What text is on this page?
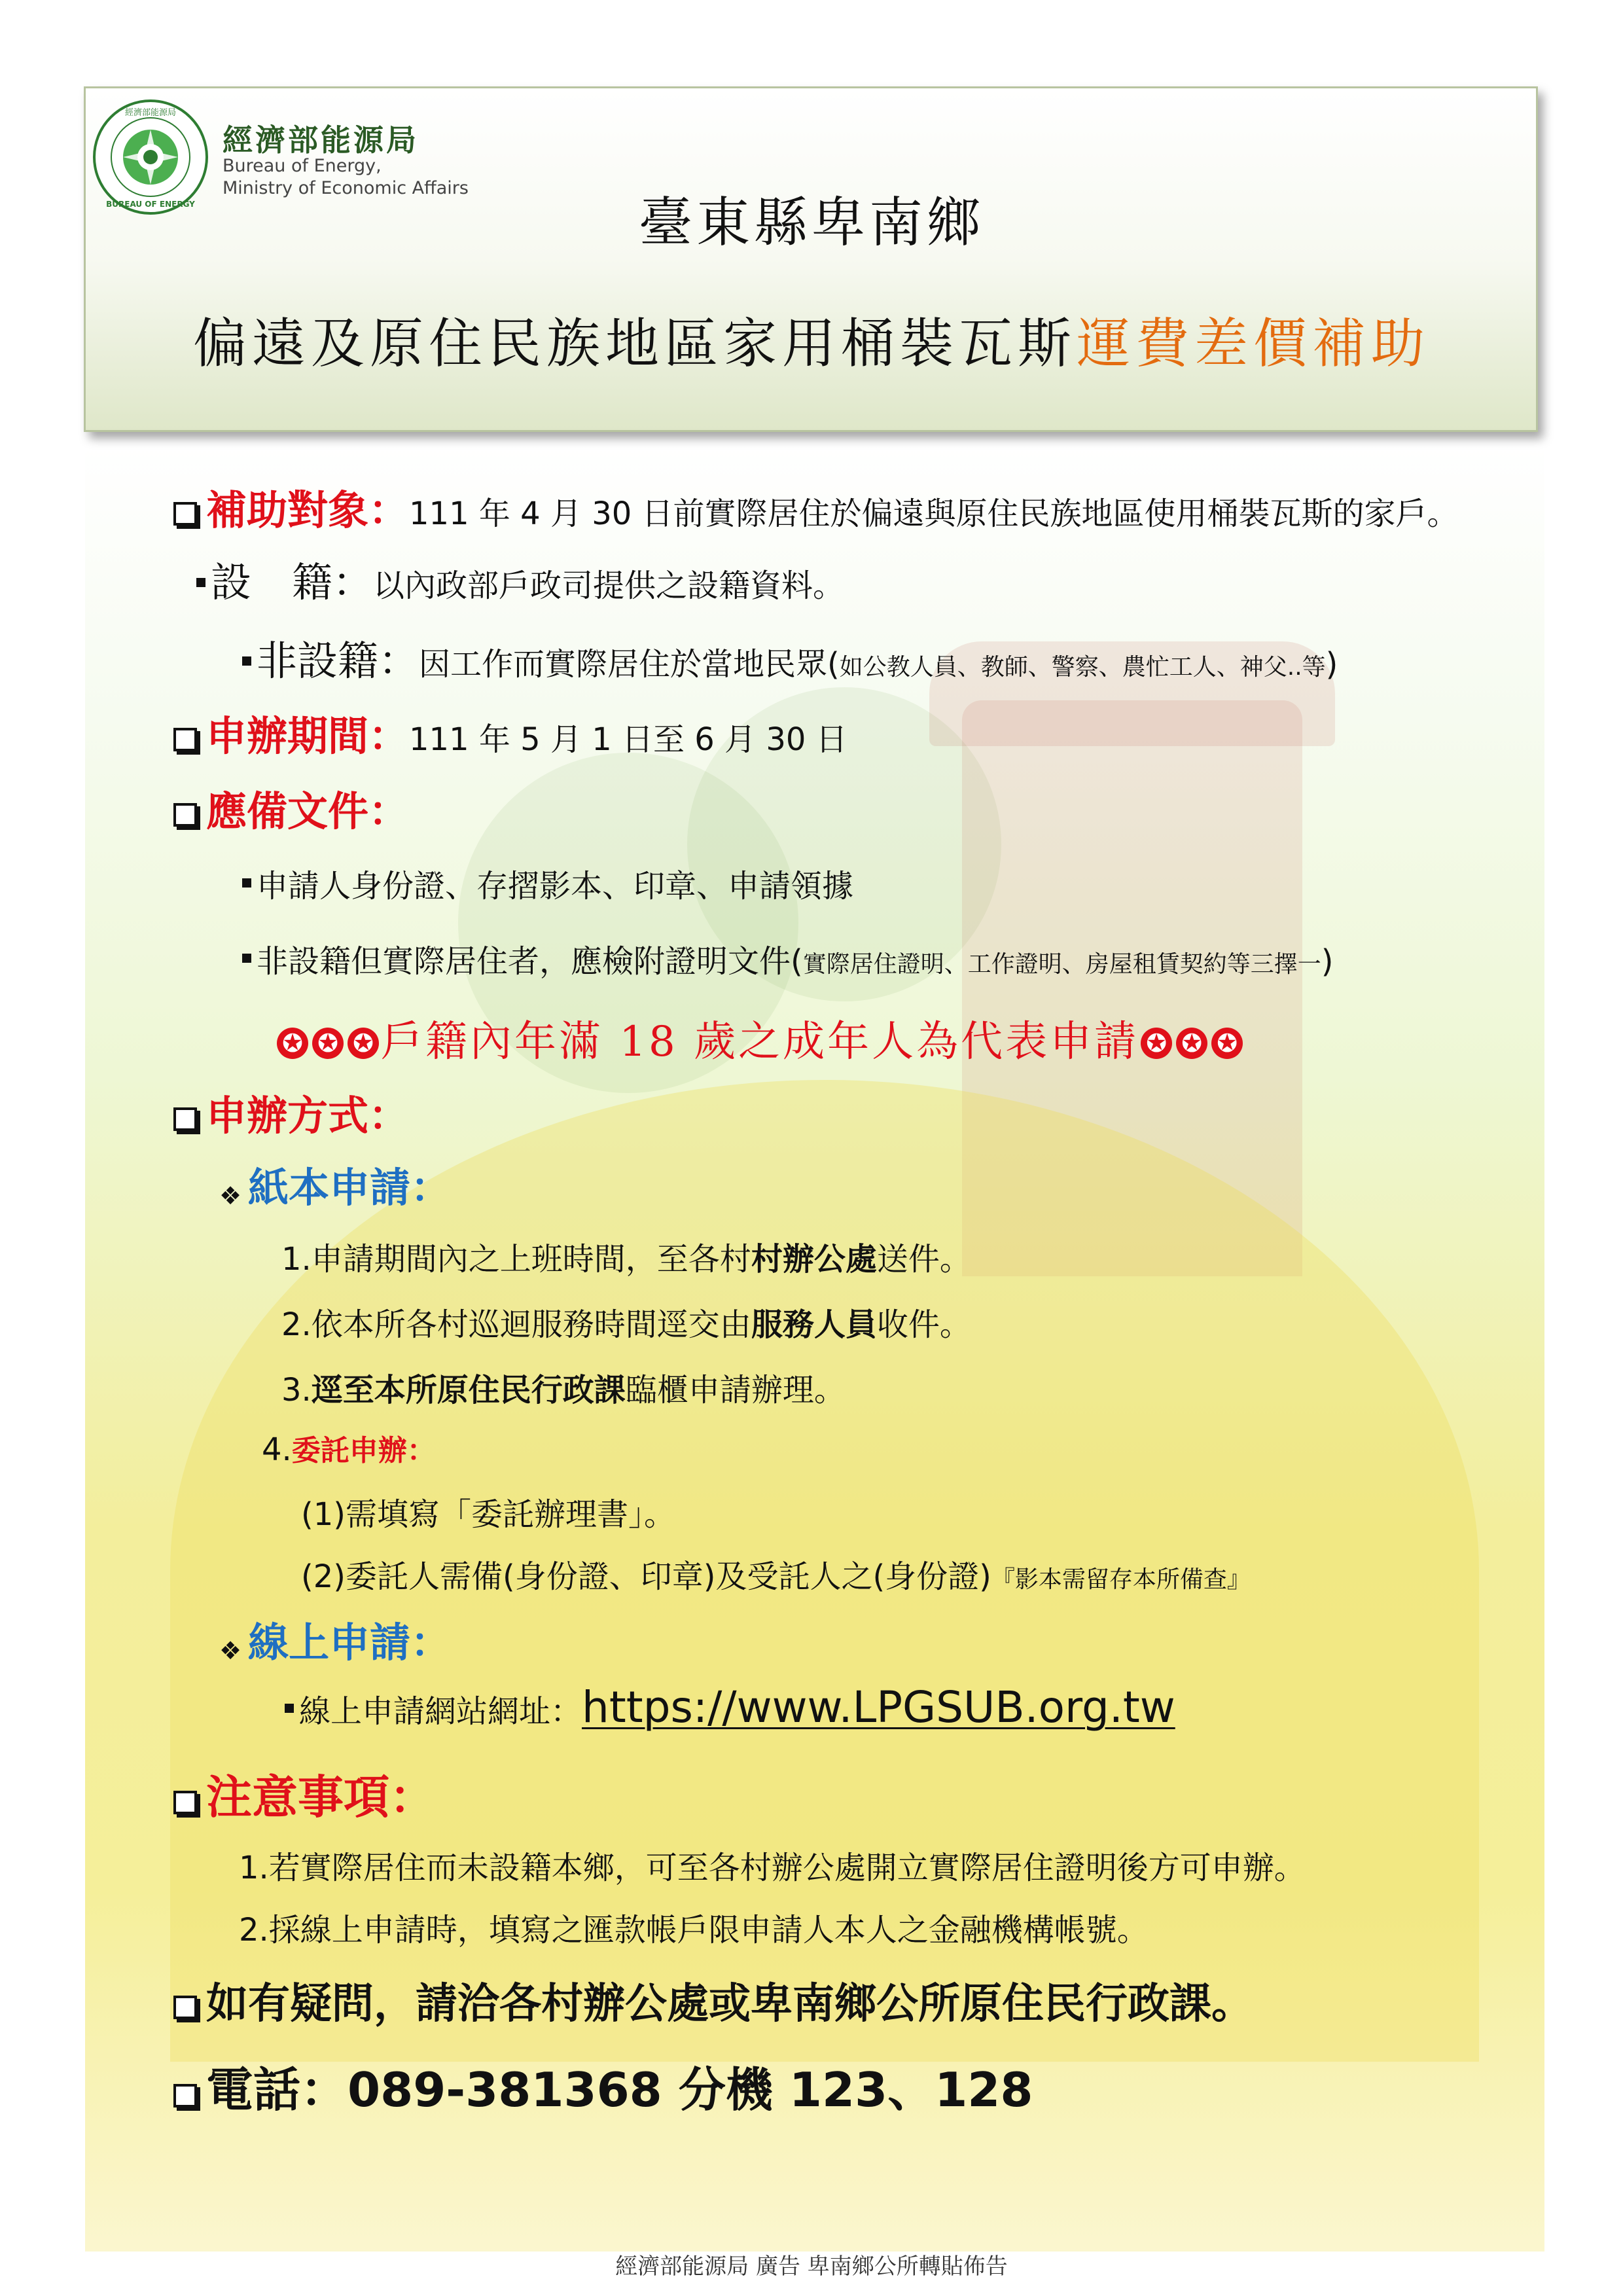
經濟部能源局
BUREAU OF ENERGY
經濟部能源局
Bureau of Energy,
Ministry of Economic Affairs
臺東縣卑南鄉
偏遠及原住民族地區家用桶裝瓦斯運費差價補助
補助對象：111 年 4 月 30 日前實際居住於偏遠與原住民族地區使用桶裝瓦斯的家戶。
設　籍：以內政部戶政司提供之設籍資料。
非設籍：因工作而實際居住於當地民眾(如公教人員、教師、警察、農忙工人、神父..等)
申辦期間：111 年 5 月 1 日至 6 月 30 日
應備文件：
申請人身份證、存摺影本、印章、申請領據
非設籍但實際居住者，應檢附證明文件(實際居住證明、工作證明、房屋租賃契約等三擇一)
✪ ✪ ✪ 戶籍內年滿 18 歲之成年人為代表申請 ✪ ✪ ✪
申辦方式：
❖ 紙本申請：
1.申請期間內之上班時間，至各村村辦公處送件。
2.依本所各村巡迴服務時間逕交由服務人員收件。
3.逕至本所原住民行政課臨櫃申請辦理。
4.委託申辦：
(1)需填寫「委託辦理書」。
(2)委託人需備(身份證、印章)及受託人之(身份證)『影本需留存本所備查』
❖ 線上申請：
線上申請網站網址：https://www.LPGSUB.org.tw
注意事項：
1.若實際居住而未設籍本鄉，可至各村辦公處開立實際居住證明後方可申辦。
2.採線上申請時，填寫之匯款帳戶限申請人本人之金融機構帳號。
如有疑問，請洽各村辦公處或卑南鄉公所原住民行政課。
電話：089-381368 分機 123、128
經濟部能源局 廣告 卑南鄉公所轉貼佈告
